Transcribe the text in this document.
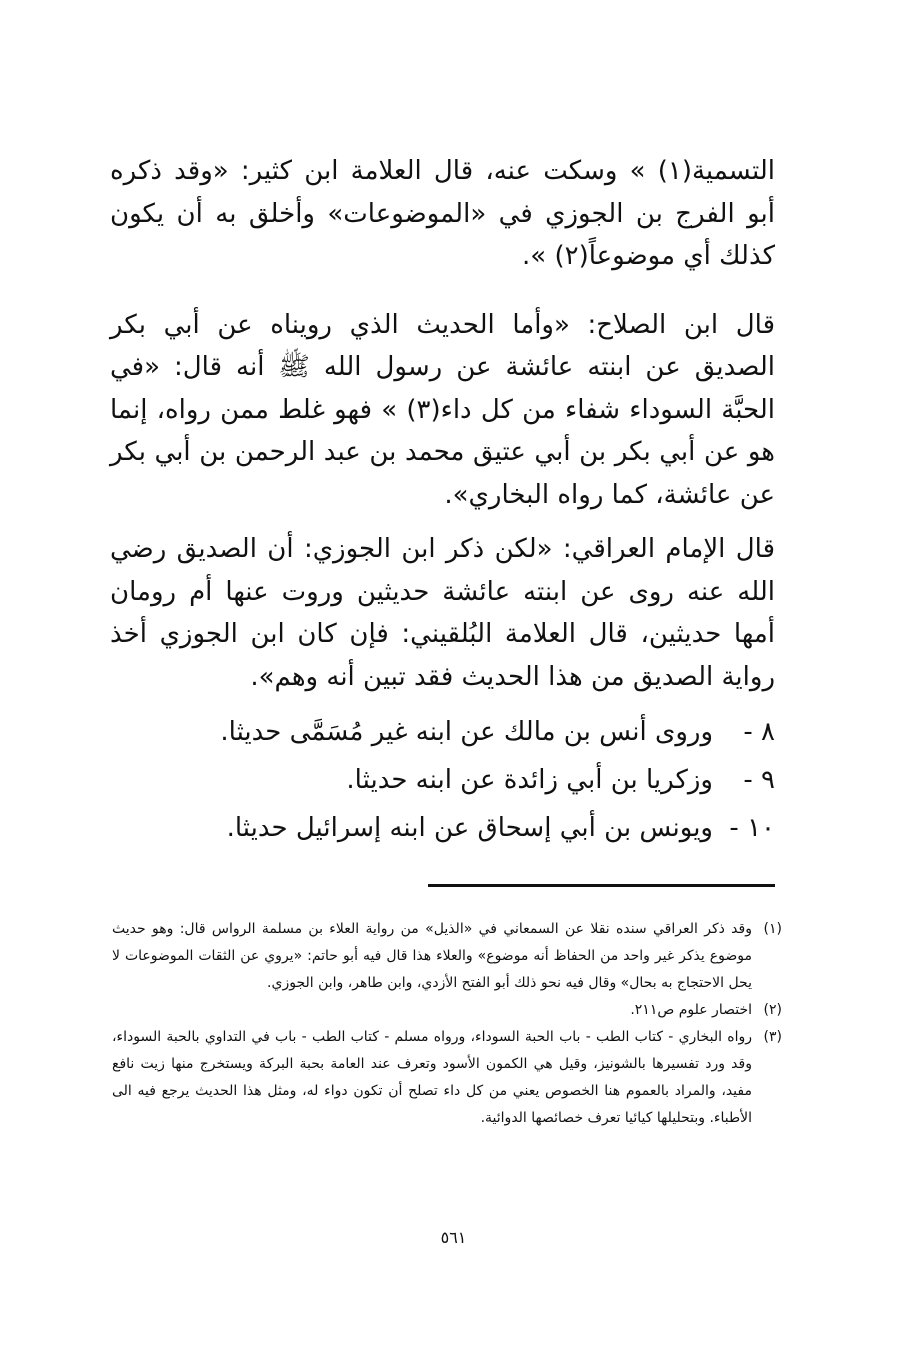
التسمية(١) » وسكت عنه، قال العلامة ابن كثير: «وقد ذكره أبو الفرج بن الجوزي في «الموضوعات» وأخلق به أن يكون كذلك أي موضوعاً(٢) ».

قال ابن الصلاح: «وأما الحديث الذي رويناه عن أبي بكر الصديق عن ابنته عائشة عن رسول الله ﷺ أنه قال: «في الحبَّة السوداء شفاء من كل داء(٣) » فهو غلط ممن رواه، إنما هو عن أبي بكر بن أبي عتيق محمد بن عبد الرحمن بن أبي بكر عن عائشة، كما رواه البخاري».

قال الإمام العراقي: «لكن ذكر ابن الجوزي: أن الصديق رضي الله عنه روى عن ابنته عائشة حديثين وروت عنها أم رومان أمها حديثين، قال العلامة البُلقيني: فإن كان ابن الجوزي أخذ رواية الصديق من هذا الحديث فقد تبين أنه وهم».

٨ -
وروى أنس بن مالك عن ابنه غير مُسَمَّى حديثا.
٩ -
وزكريا بن أبي زائدة عن ابنه حديثا.
١٠ -
ويونس بن أبي إسحاق عن ابنه إسرائيل حديثا.
(١)
وقد ذكر العراقي سنده نقلا عن السمعاني في «الذيل» من رواية العلاء بن مسلمة الرواس قال: وهو حديث موضوع يذكر غير واحد من الحفاظ أنه موضوع» والعلاء هذا قال فيه أبو حاتم: «يروي عن الثقات الموضوعات لا يحل الاحتجاج به بحال» وقال فيه نحو ذلك أبو الفتح الأزدي، وابن طاهر، وابن الجوزي.
(٢)
اختصار علوم ص٢١١.
(٣)
رواه البخاري - كتاب الطب - باب الحبة السوداء، ورواه مسلم - كتاب الطب - باب في التداوي بالحبة السوداء، وقد ورد تفسيرها بالشونيز، وقيل هي الكمون الأسود وتعرف عند العامة بحبة البركة ويستخرج منها زيت نافع مفيد، والمراد بالعموم هنا الخصوص يعني من كل داء تصلح أن تكون دواء له، ومثل هذا الحديث يرجع فيه الى الأطباء. وبتحليلها كيائيا تعرف خصائصها الدوائية.
٥٦١
